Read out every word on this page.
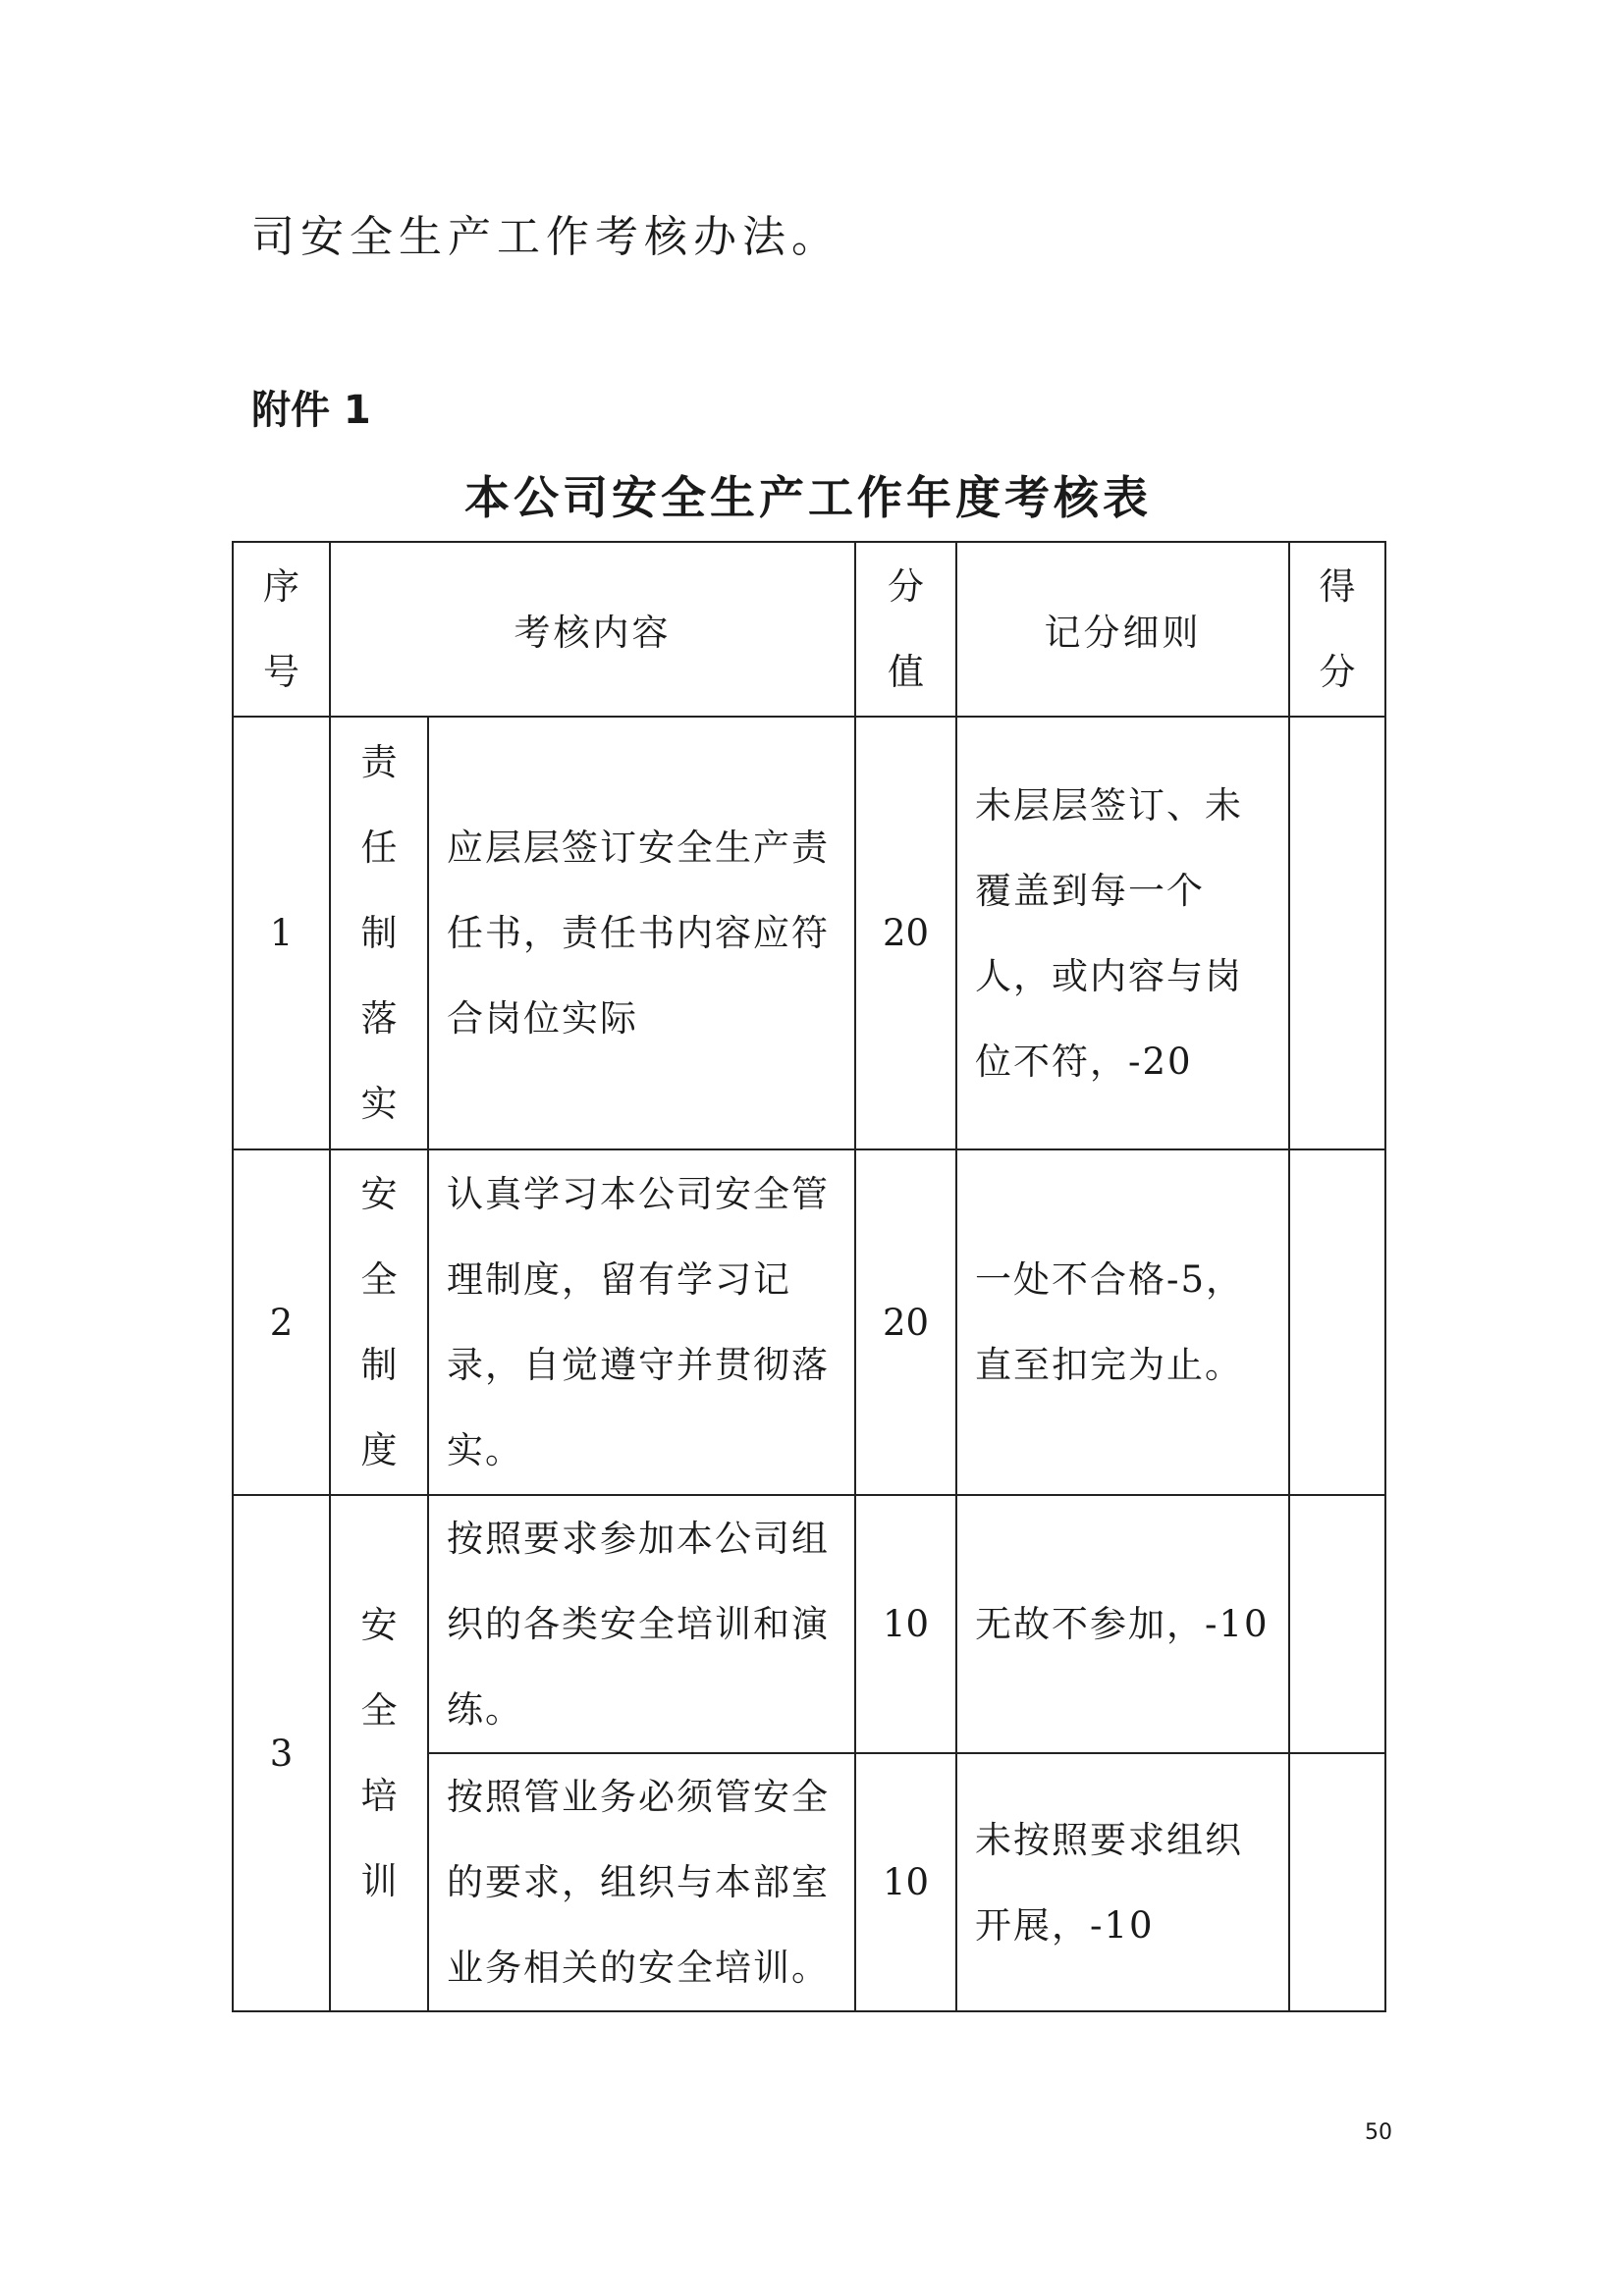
司安全生产工作考核办法。
附件 1
本公司安全生产工作年度考核表
序号	考核内容		分值	记分细则	得分
1	责任制落实	应层层签订安全生产责任书，责任书内容应符合岗位实际	20	未层层签订、未覆盖到每一个人，或内容与岗位不符，-20	
2	安全制度	认真学习本公司安全管理制度，留有学习记录，自觉遵守并贯彻落实。	20	一处不合格-5，直至扣完为止。	
3	安全培训	按照要求参加本公司组织的各类安全培训和演练。	10	无故不参加，-10	
		按照管业务必须管安全的要求，组织与本部室业务相关的安全培训。	10	未按照要求组织开展，-10	
50
